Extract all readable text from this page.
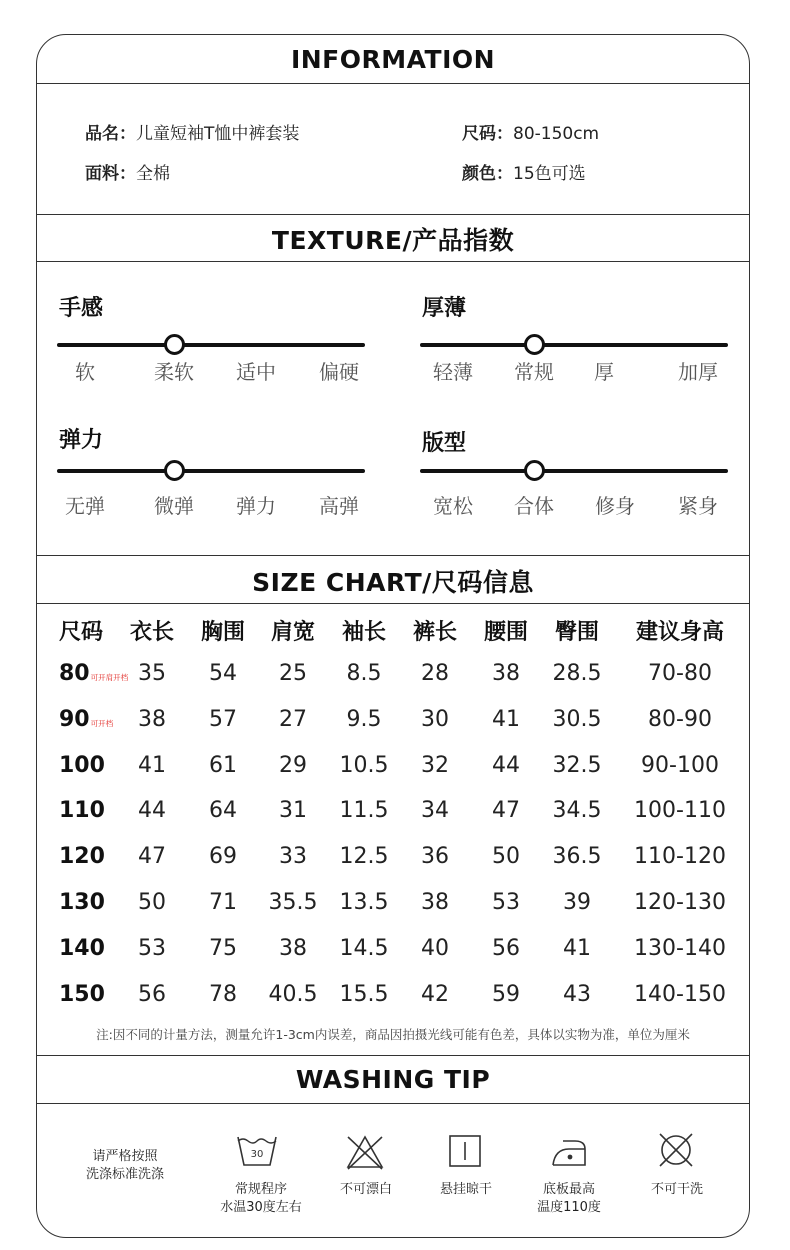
INFORMATION
品名：儿童短袖T恤中裤套装	尺码：80-150cm
面料：全棉	颜色：15色可选
TEXTURE/产品指数
手感
软	柔软 适中 偏硬
厚薄
轻薄 常规 厚	加厚
弹力
无弹 微弹 弹力 高弹
版型
宽松 合体 修身 紧身
SIZE CHART/尺码信息
尺码 衣长 胸围 肩宽 袖长 裤长 腰围 臀围 建议身高
80可开肩开档 35 54 25 8.5 28 38 28.5 70-80
90可开档 38 57 27 9.5 30 41 30.5 80-90
100 41 61 29 10.5 32 44 32.5 90-100
110 44 64 31 11.5 34 47 34.5 100-110
120 47 69 33 12.5 36 50 36.5 110-120
130 50 71 35.5 13.5 38 53 39 120-130
140 53 75 38 14.5 40 56 41 130-140
150 56 78 40.5 15.5 42 59 43 140-150
注:因不同的计量方法，测量允许1-3cm内误差，商品因拍摄光线可能有色差，具体以实物为准，单位为厘米
WASHING TIP
请严格按照
洗涤标准洗涤
30
常规程序
水温30度左右
不可漂白	悬挂晾干	底板最高
温度110度
不可干洗
